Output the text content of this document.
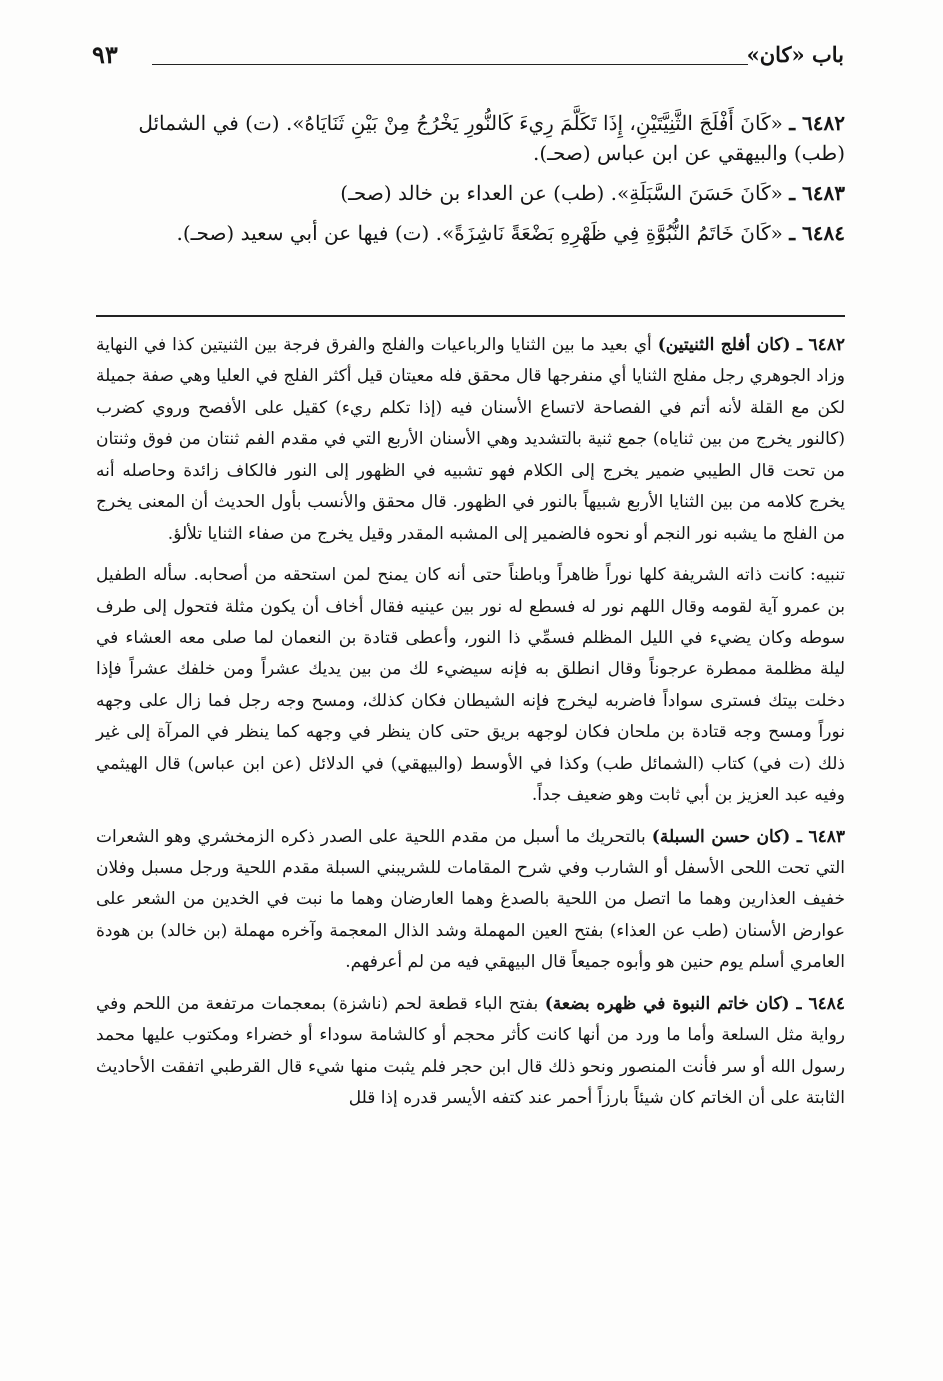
٩٣	باب «كان»

٦٤٨٢ ـ «كَانَ أَفْلَجَ الثَّنِيَّتَيْنِ، إِذَا تَكَلَّمَ رِيءَ كَالنُّورِ يَخْرُجُ مِنْ بَيْنِ ثَنَايَاهُ». (ت) في الشمائل (طب) والبيهقي عن ابن عباس (صحـ).

٦٤٨٣ ـ «كَانَ حَسَنَ السَّبَلَةِ». (طب) عن العداء بن خالد (صحـ)

٦٤٨٤ ـ «كَانَ خَاتَمُ النُّبُوَّةِ فِي ظَهْرِهِ بَضْعَةً نَاشِزَةً». (ت) فيها عن أبي سعيد (صحـ).

٦٤٨٢ ـ (كان أفلج الثنيتين) أي بعيد ما بين الثنايا والرباعيات والفلج والفرق فرجة بين الثنيتين كذا في النهاية وزاد الجوهري رجل مفلج الثنايا أي منفرجها قال محقق فله معيتان قيل أكثر الفلج في العليا وهي صفة جميلة لكن مع القلة لأنه أتم في الفصاحة لاتساع الأسنان فيه (إذا تكلم ريء) كقيل على الأفصح وروي كضرب (كالنور يخرج من بين ثناياه) جمع ثنية بالتشديد وهي الأسنان الأربع التي في مقدم الفم ثنتان من فوق وثنتان من تحت قال الطيبي ضمير يخرج إلى الكلام فهو تشبيه في الظهور إلى النور فالكاف زائدة وحاصله أنه يخرج كلامه من بين الثنايا الأربع شبيهاً بالنور في الظهور. قال محقق والأنسب بأول الحديث أن المعنى يخرج من الفلج ما يشبه نور النجم أو نحوه فالضمير إلى المشبه المقدر وقيل يخرج من صفاء الثنايا تلألؤ.

تنبيه: كانت ذاته الشريفة كلها نوراً ظاهراً وباطناً حتى أنه كان يمنح لمن استحقه من أصحابه. سأله الطفيل بن عمرو آية لقومه وقال اللهم نور له فسطع له نور بين عينيه فقال أخاف أن يكون مثلة فتحول إلى طرف سوطه وكان يضيء في الليل المظلم فسمِّي ذا النور، وأعطى قتادة بن النعمان لما صلى معه العشاء في ليلة مظلمة ممطرة عرجوناً وقال انطلق به فإنه سيضيء لك من بين يديك عشراً ومن خلفك عشراً فإذا دخلت بيتك فسترى سواداً فاضربه ليخرج فإنه الشيطان فكان كذلك، ومسح وجه رجل فما زال على وجهه نوراً ومسح وجه قتادة بن ملحان فكان لوجهه بريق حتى كان ينظر في وجهه كما ينظر في المرآة إلى غير ذلك (ت في) كتاب (الشمائل طب) وكذا في الأوسط (والبيهقي) في الدلائل (عن ابن عباس) قال الهيثمي وفيه عبد العزيز بن أبي ثابت وهو ضعيف جداً.

٦٤٨٣ ـ (كان حسن السبلة) بالتحريك ما أسبل من مقدم اللحية على الصدر ذكره الزمخشري وهو الشعرات التي تحت اللحى الأسفل أو الشارب وفي شرح المقامات للشريبني السبلة مقدم اللحية ورجل مسبل وفلان خفيف العذارين وهما ما اتصل من اللحية بالصدغ وهما العارضان وهما ما نبت في الخدين من الشعر على عوارض الأسنان (طب عن العذاء) بفتح العين المهملة وشد الذال المعجمة وآخره مهملة (بن خالد) بن هودة العامري أسلم يوم حنين هو وأبوه جميعاً قال البيهقي فيه من لم أعرفهم.

٦٤٨٤ ـ (كان خاتم النبوة في ظهره بضعة) بفتح الباء قطعة لحم (ناشزة) بمعجمات مرتفعة من اللحم وفي رواية مثل السلعة وأما ما ورد من أنها كانت كأثر محجم أو كالشامة سوداء أو خضراء ومكتوب عليها محمد رسول الله أو سر فأنت المنصور ونحو ذلك قال ابن حجر فلم يثبت منها شيء قال القرطبي اتفقت الأحاديث الثابتة على أن الخاتم كان شيئاً بارزاً أحمر عند كتفه الأيسر قدره إذا قلل
